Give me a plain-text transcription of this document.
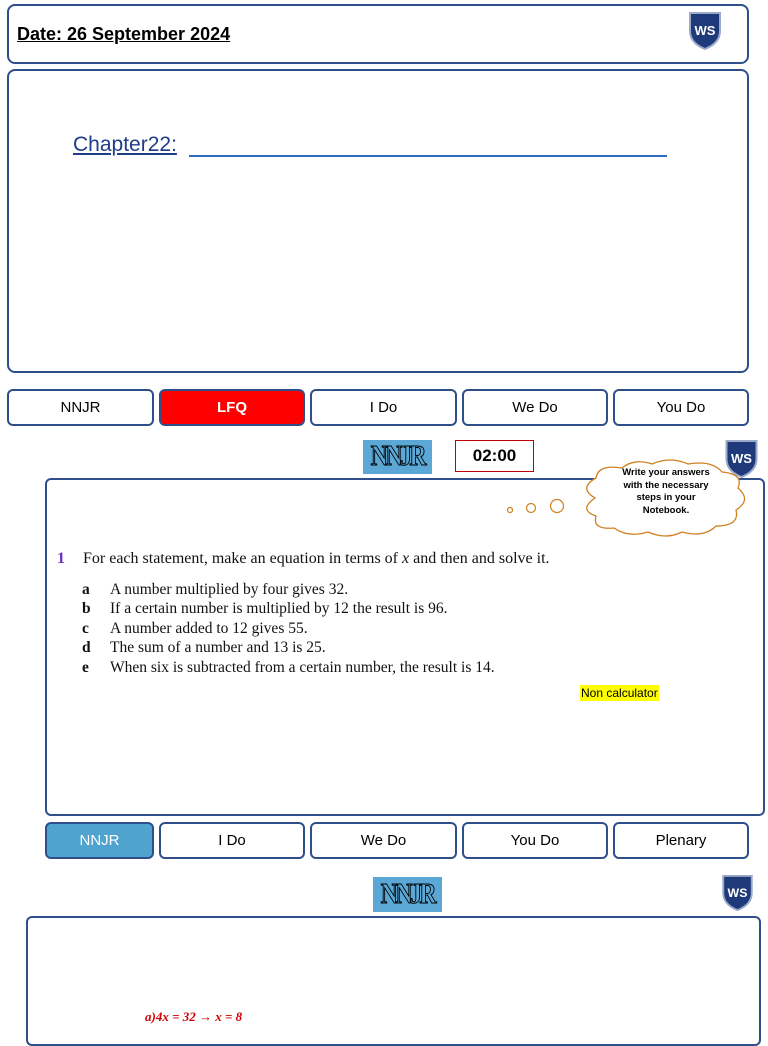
Date: 26 September 2024	WS
Chapter22:
NNJR	LFQ	I Do	We Do	You Do
NNJR	02:00	WS
Write your answers with the necessary steps in your Notebook.
1 For each statement, make an equation in terms of x and then and solve it.
a A number multiplied by four gives 32.
b If a certain number is multiplied by 12 the result is 96.
c A number added to 12 gives 55.
d The sum of a number and 13 is 25.
e When six is subtracted from a certain number, the result is 14.
Non calculator
NNJR	I Do	We Do	You Do	Plenary
NNJR	WS
a)4x = 32 → x = 8
